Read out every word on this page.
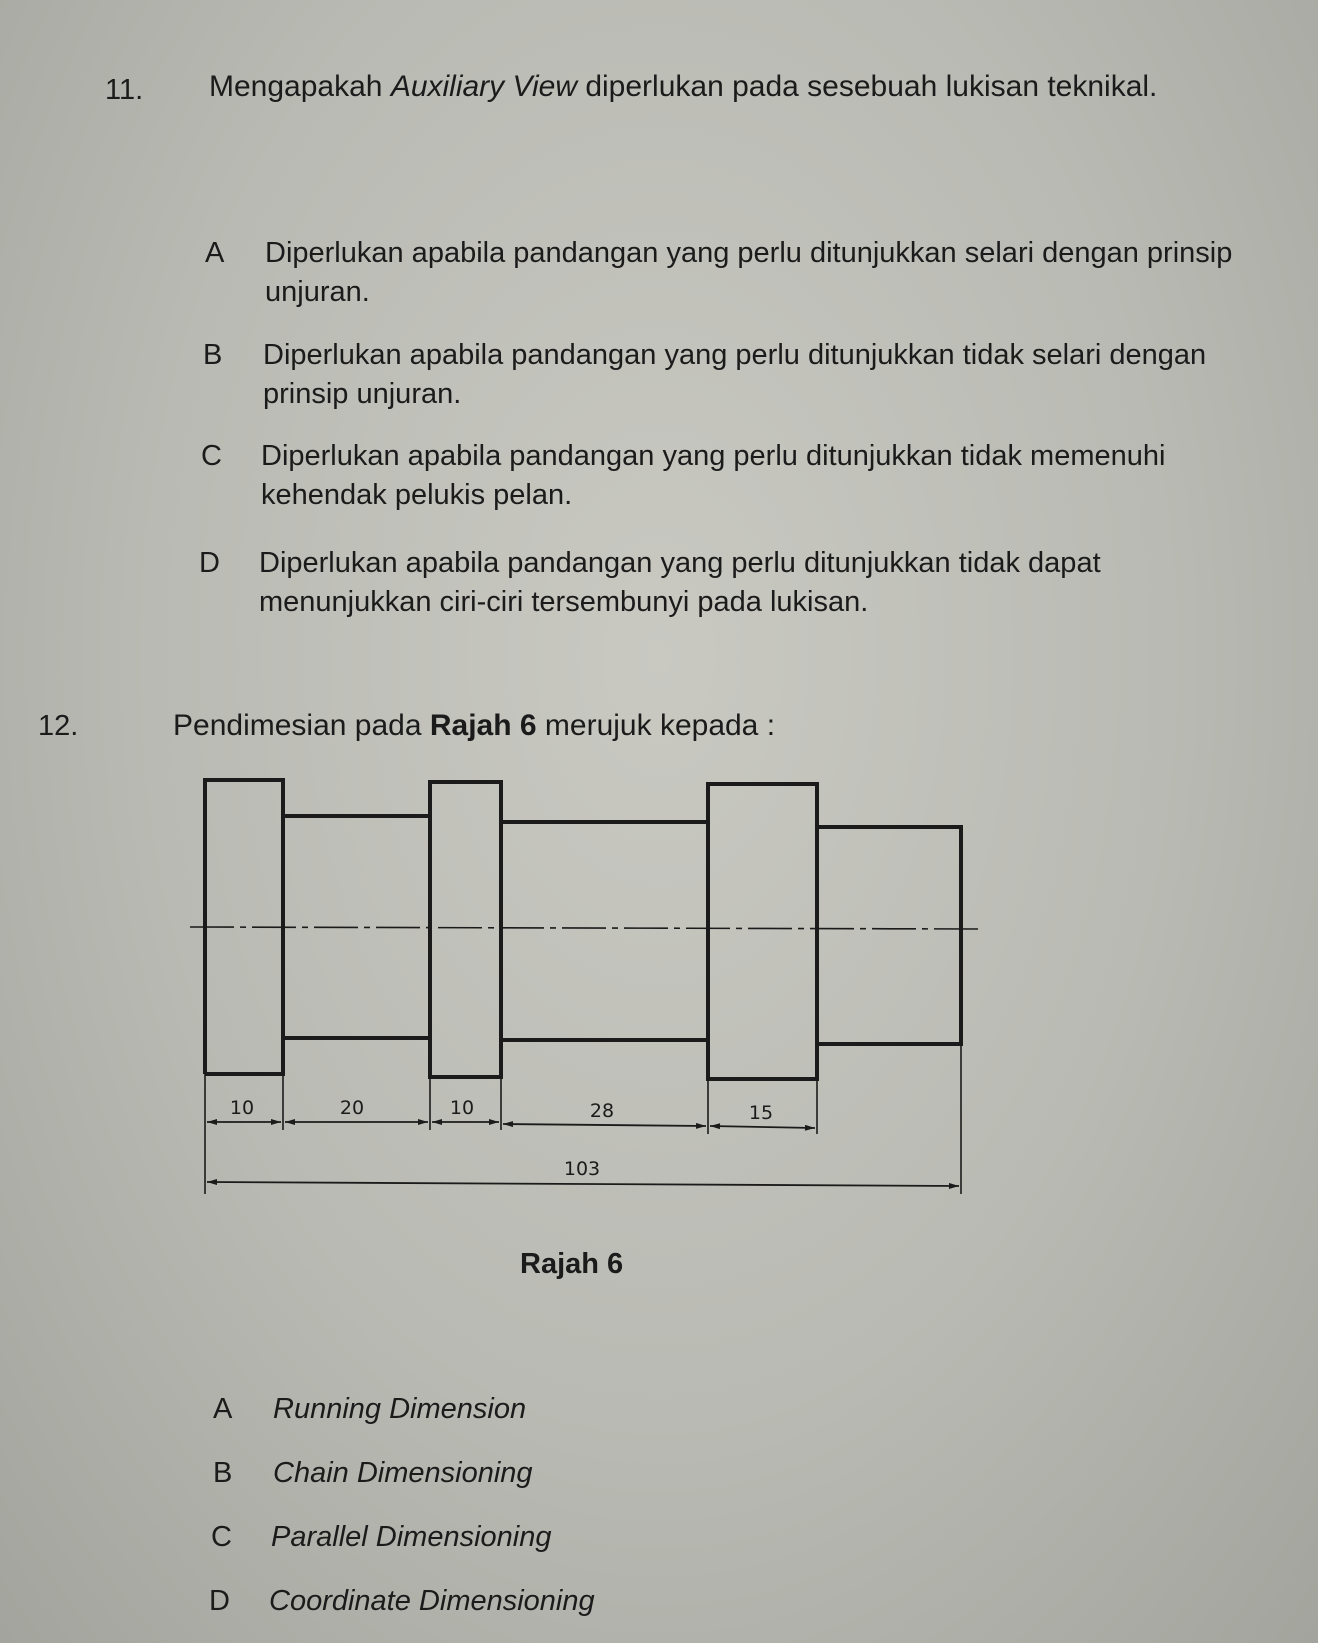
11. Mengapakah Auxiliary View diperlukan pada sesebuah lukisan teknikal.
A	Diperlukan apabila pandangan yang perlu ditunjukkan selari dengan prinsip unjuran.
B	Diperlukan apabila pandangan yang perlu ditunjukkan tidak selari dengan prinsip unjuran.
C	Diperlukan apabila pandangan yang perlu ditunjukkan tidak memenuhi kehendak pelukis pelan.
D	Diperlukan apabila pandangan yang perlu ditunjukkan tidak dapat menunjukkan ciri-ciri tersembunyi pada lukisan.
12.	Pendimesian pada Rajah 6 merujuk kepada :
10	20	10	28	15
103
Rajah 6
A	Running Dimension
B	Chain Dimensioning
C	Parallel Dimensioning
D	Coordinate Dimensioning
